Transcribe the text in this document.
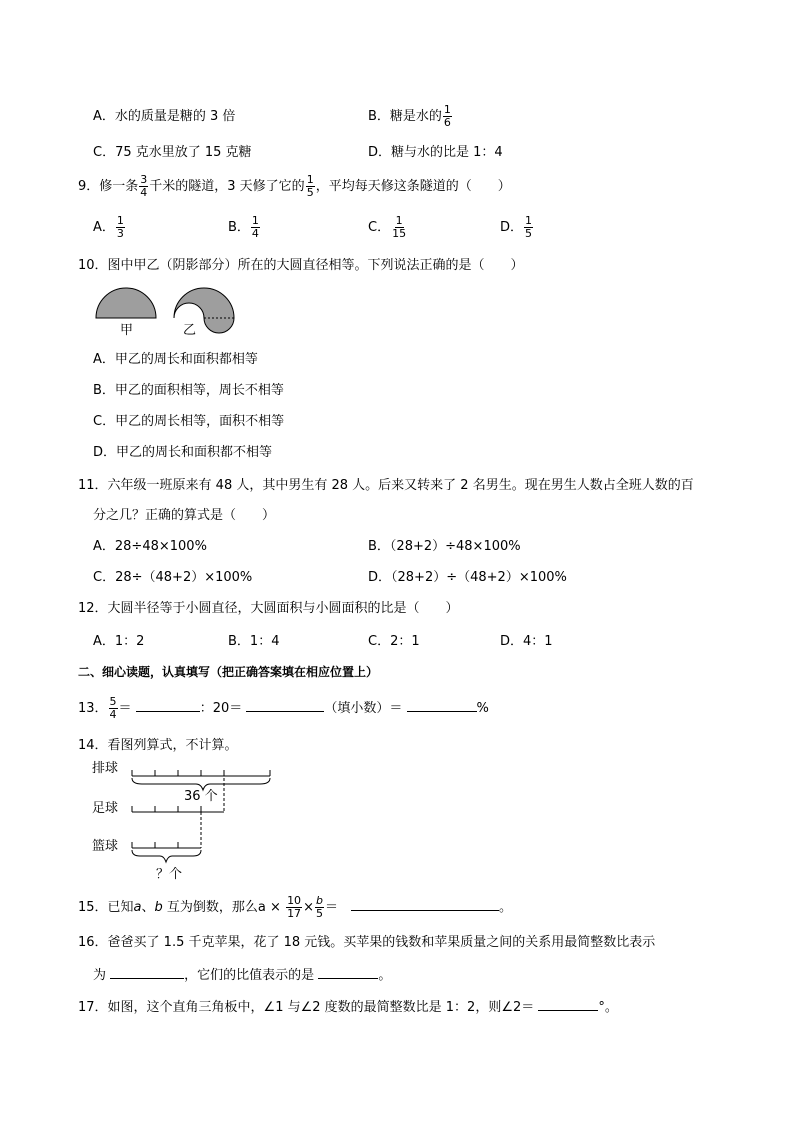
A．水的质量是糖的 3 倍	B．糖是水的 $\frac{1}{6}$
C．75 克水里放了 15 克糖	D．糖与水的比是 1：4
9．修一条 $\frac{3}{4}$ 千米的隧道，3 天修了它的 $\frac{1}{5}$ ，平均每天修这条隧道的（　　）
A． $\frac{1}{3}$	B． $\frac{1}{4}$	C． $\frac{1}{15}$	D． $\frac{1}{5}$
10．图中甲乙（阴影部分）所在的大圆直径相等。下列说法正确的是（　　）
甲	乙
A．甲乙的周长和面积都相等
B．甲乙的面积相等，周长不相等
C．甲乙的周长相等，面积不相等
D．甲乙的周长和面积都不相等
11．六年级一班原来有 48 人，其中男生有 28 人。后来又转来了 2 名男生。现在男生人数占全班人数的百
分之几？正确的算式是（　　）
A．28÷48×100%	B．（28+2）÷48×100%
C．28÷（48+2）×100%	D．（28+2）÷（48+2）×100%
12．大圆半径等于小圆直径，大圆面积与小圆面积的比是（　　）
A．1：2	B．1：4	C．2：1	D．4：1
二、细心读题，认真填写（把正确答案填在相应位置上）
13． $\frac{5}{4}$ ＝	：20＝	（填小数）＝	%
14．看图列算式，不计算。
排球
足球
篮球
36 个
？个
15．已知a、b 互为倒数，那么$a \times \frac{10}{17} \times \frac{b}{5}$ ＝　	。
16．爸爸买了 1.5 千克苹果，花了 18 元钱。买苹果的钱数和苹果质量之间的关系用最简整数比表示
为	，它们的比值表示的是	。
17．如图，这个直角三角板中，∠1 与∠2 度数的最简整数比是 1：2，则∠2＝	°。
